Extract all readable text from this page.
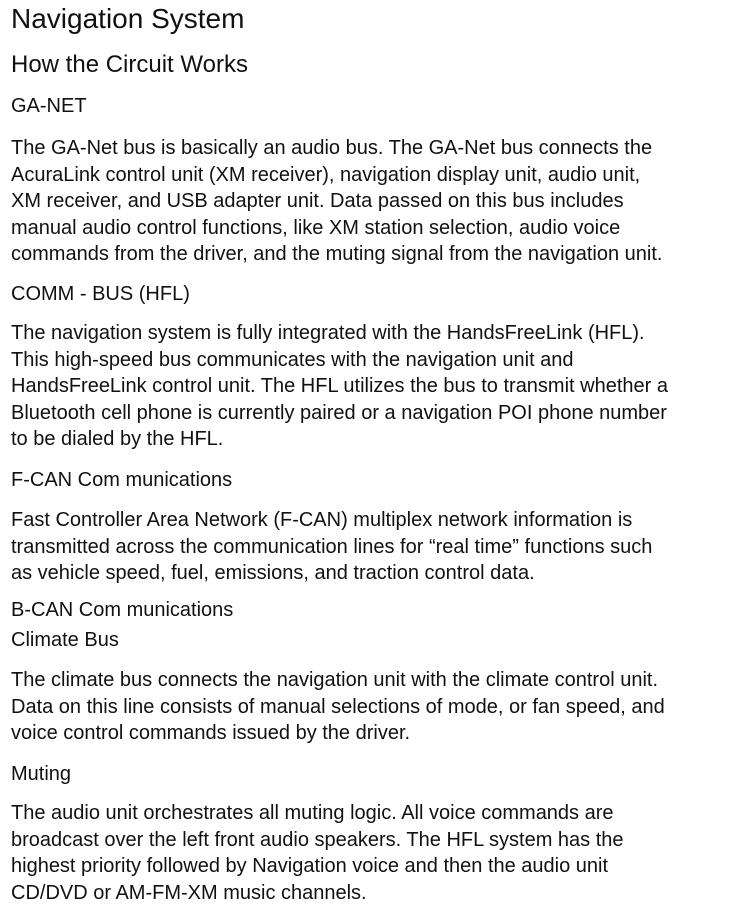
Navigation System
How the Circuit Works
GA-NET
The GA-Net bus is basically an audio bus. The GA-Net bus connects the
AcuraLink control unit (XM receiver), navigation display unit, audio unit,
XM receiver, and USB adapter unit. Data passed on this bus includes
manual audio control functions, like XM station selection, audio voice
commands from the driver, and the muting signal from the navigation unit.
COMM - BUS (HFL)
The navigation system is fully integrated with the HandsFreeLink (HFL).
This high-speed bus communicates with the navigation unit and
HandsFreeLink control unit. The HFL utilizes the bus to transmit whether a
Bluetooth cell phone is currently paired or a navigation POI phone number
to be dialed by the HFL.
F-CAN Com munications
Fast Controller Area Network (F-CAN) multiplex network information is
transmitted across the communication lines for “real time” functions such
as vehicle speed, fuel, emissions, and traction control data.
B-CAN Com munications
Climate Bus
The climate bus connects the navigation unit with the climate control unit.
Data on this line consists of manual selections of mode, or fan speed, and
voice control commands issued by the driver.
Muting
The audio unit orchestrates all muting logic. All voice commands are
broadcast over the left front audio speakers. The HFL system has the
highest priority followed by Navigation voice and then the audio unit
CD/DVD or AM-FM-XM music channels.
